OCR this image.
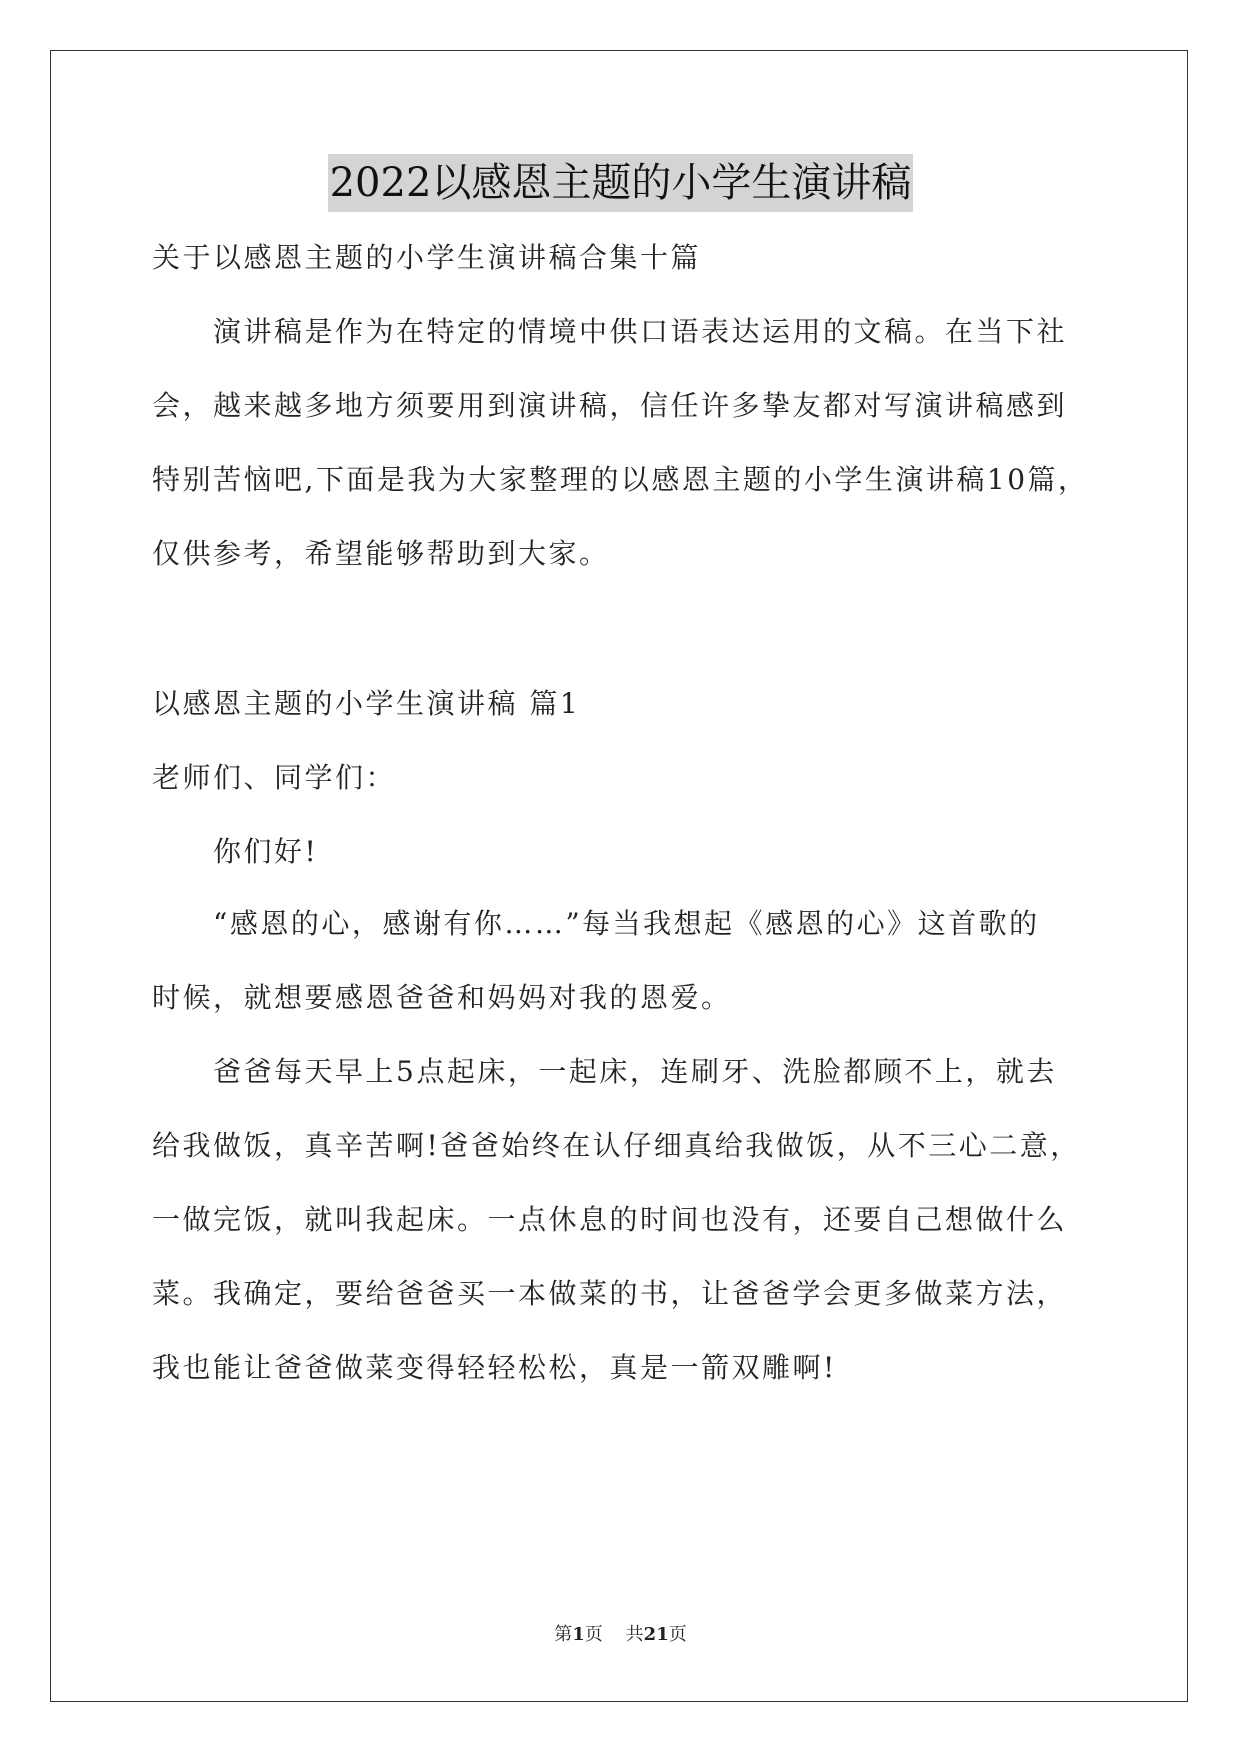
2022以感恩主题的小学生演讲稿
关于以感恩主题的小学生演讲稿合集十篇
演讲稿是作为在特定的情境中供口语表达运用的文稿。在当下社
会，越来越多地方须要用到演讲稿，信任许多挚友都对写演讲稿感到
特别苦恼吧,下面是我为大家整理的以感恩主题的小学生演讲稿10篇，
仅供参考，希望能够帮助到大家。
以感恩主题的小学生演讲稿 篇1
老师们、同学们：
你们好!
“感恩的心，感谢有你……”每当我想起《感恩的心》这首歌的
时候，就想要感恩爸爸和妈妈对我的恩爱。
爸爸每天早上5点起床，一起床，连刷牙、洗脸都顾不上，就去
给我做饭，真辛苦啊!爸爸始终在认仔细真给我做饭，从不三心二意，
一做完饭，就叫我起床。一点休息的时间也没有，还要自己想做什么
菜。我确定，要给爸爸买一本做菜的书，让爸爸学会更多做菜方法，
我也能让爸爸做菜变得轻轻松松，真是一箭双雕啊!
第1页 共21页
